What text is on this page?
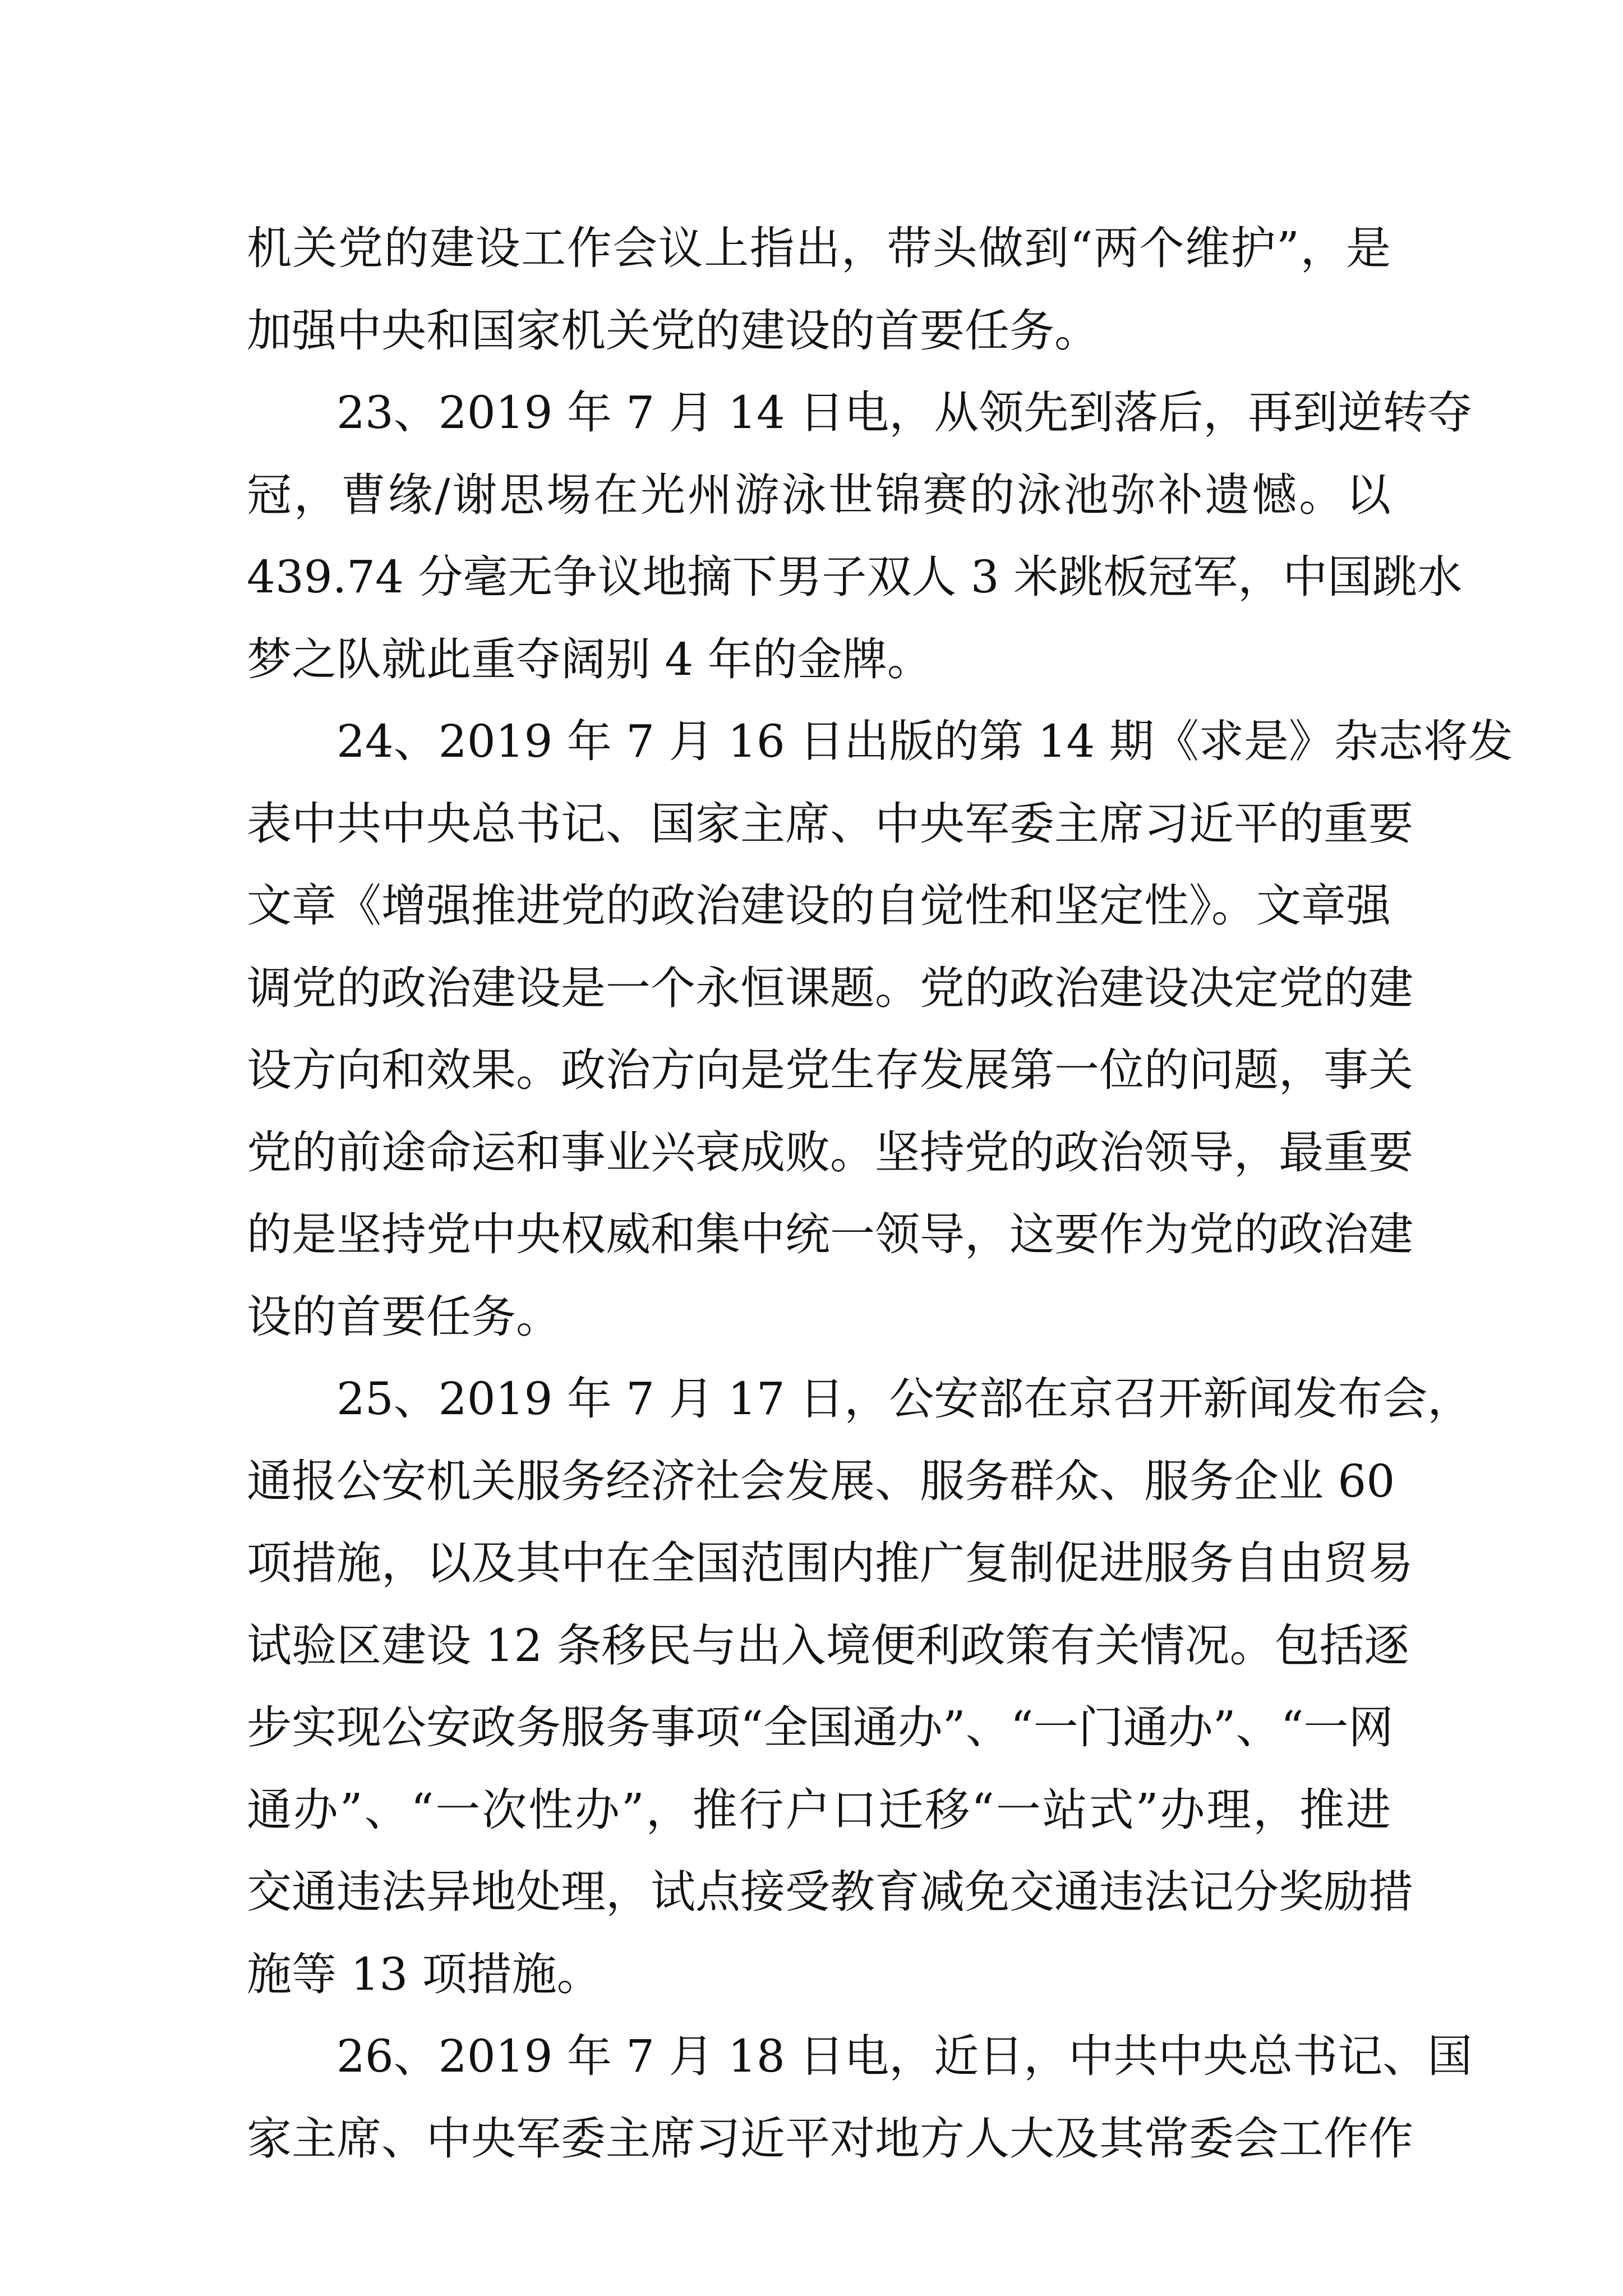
机关党的建设工作会议上指出，带头做到“两个维护”，是
加强中央和国家机关党的建设的首要任务。
23、2019 年 7 月 14 日电，从领先到落后，再到逆转夺
冠，曹缘/谢思埸在光州游泳世锦赛的泳池弥补遗憾。以
439.74 分毫无争议地摘下男子双人 3 米跳板冠军，中国跳水
梦之队就此重夺阔别 4 年的金牌。
24、2019 年 7 月 16 日出版的第 14 期《求是》杂志将发
表中共中央总书记、国家主席、中央军委主席习近平的重要
文章《增强推进党的政治建设的自觉性和坚定性》。文章强
调党的政治建设是一个永恒课题。党的政治建设决定党的建
设方向和效果。政治方向是党生存发展第一位的问题，事关
党的前途命运和事业兴衰成败。坚持党的政治领导，最重要
的是坚持党中央权威和集中统一领导，这要作为党的政治建
设的首要任务。
25、2019 年 7 月 17 日，公安部在京召开新闻发布会，
通报公安机关服务经济社会发展、服务群众、服务企业 60
项措施，以及其中在全国范围内推广复制促进服务自由贸易
试验区建设 12 条移民与出入境便利政策有关情况。包括逐
步实现公安政务服务事项“全国通办”、“一门通办”、“一网
通办”、“一次性办”，推行户口迁移“一站式”办理，推进
交通违法异地处理，试点接受教育减免交通违法记分奖励措
施等 13 项措施。
26、2019 年 7 月 18 日电，近日，中共中央总书记、国
家主席、中央军委主席习近平对地方人大及其常委会工作作
